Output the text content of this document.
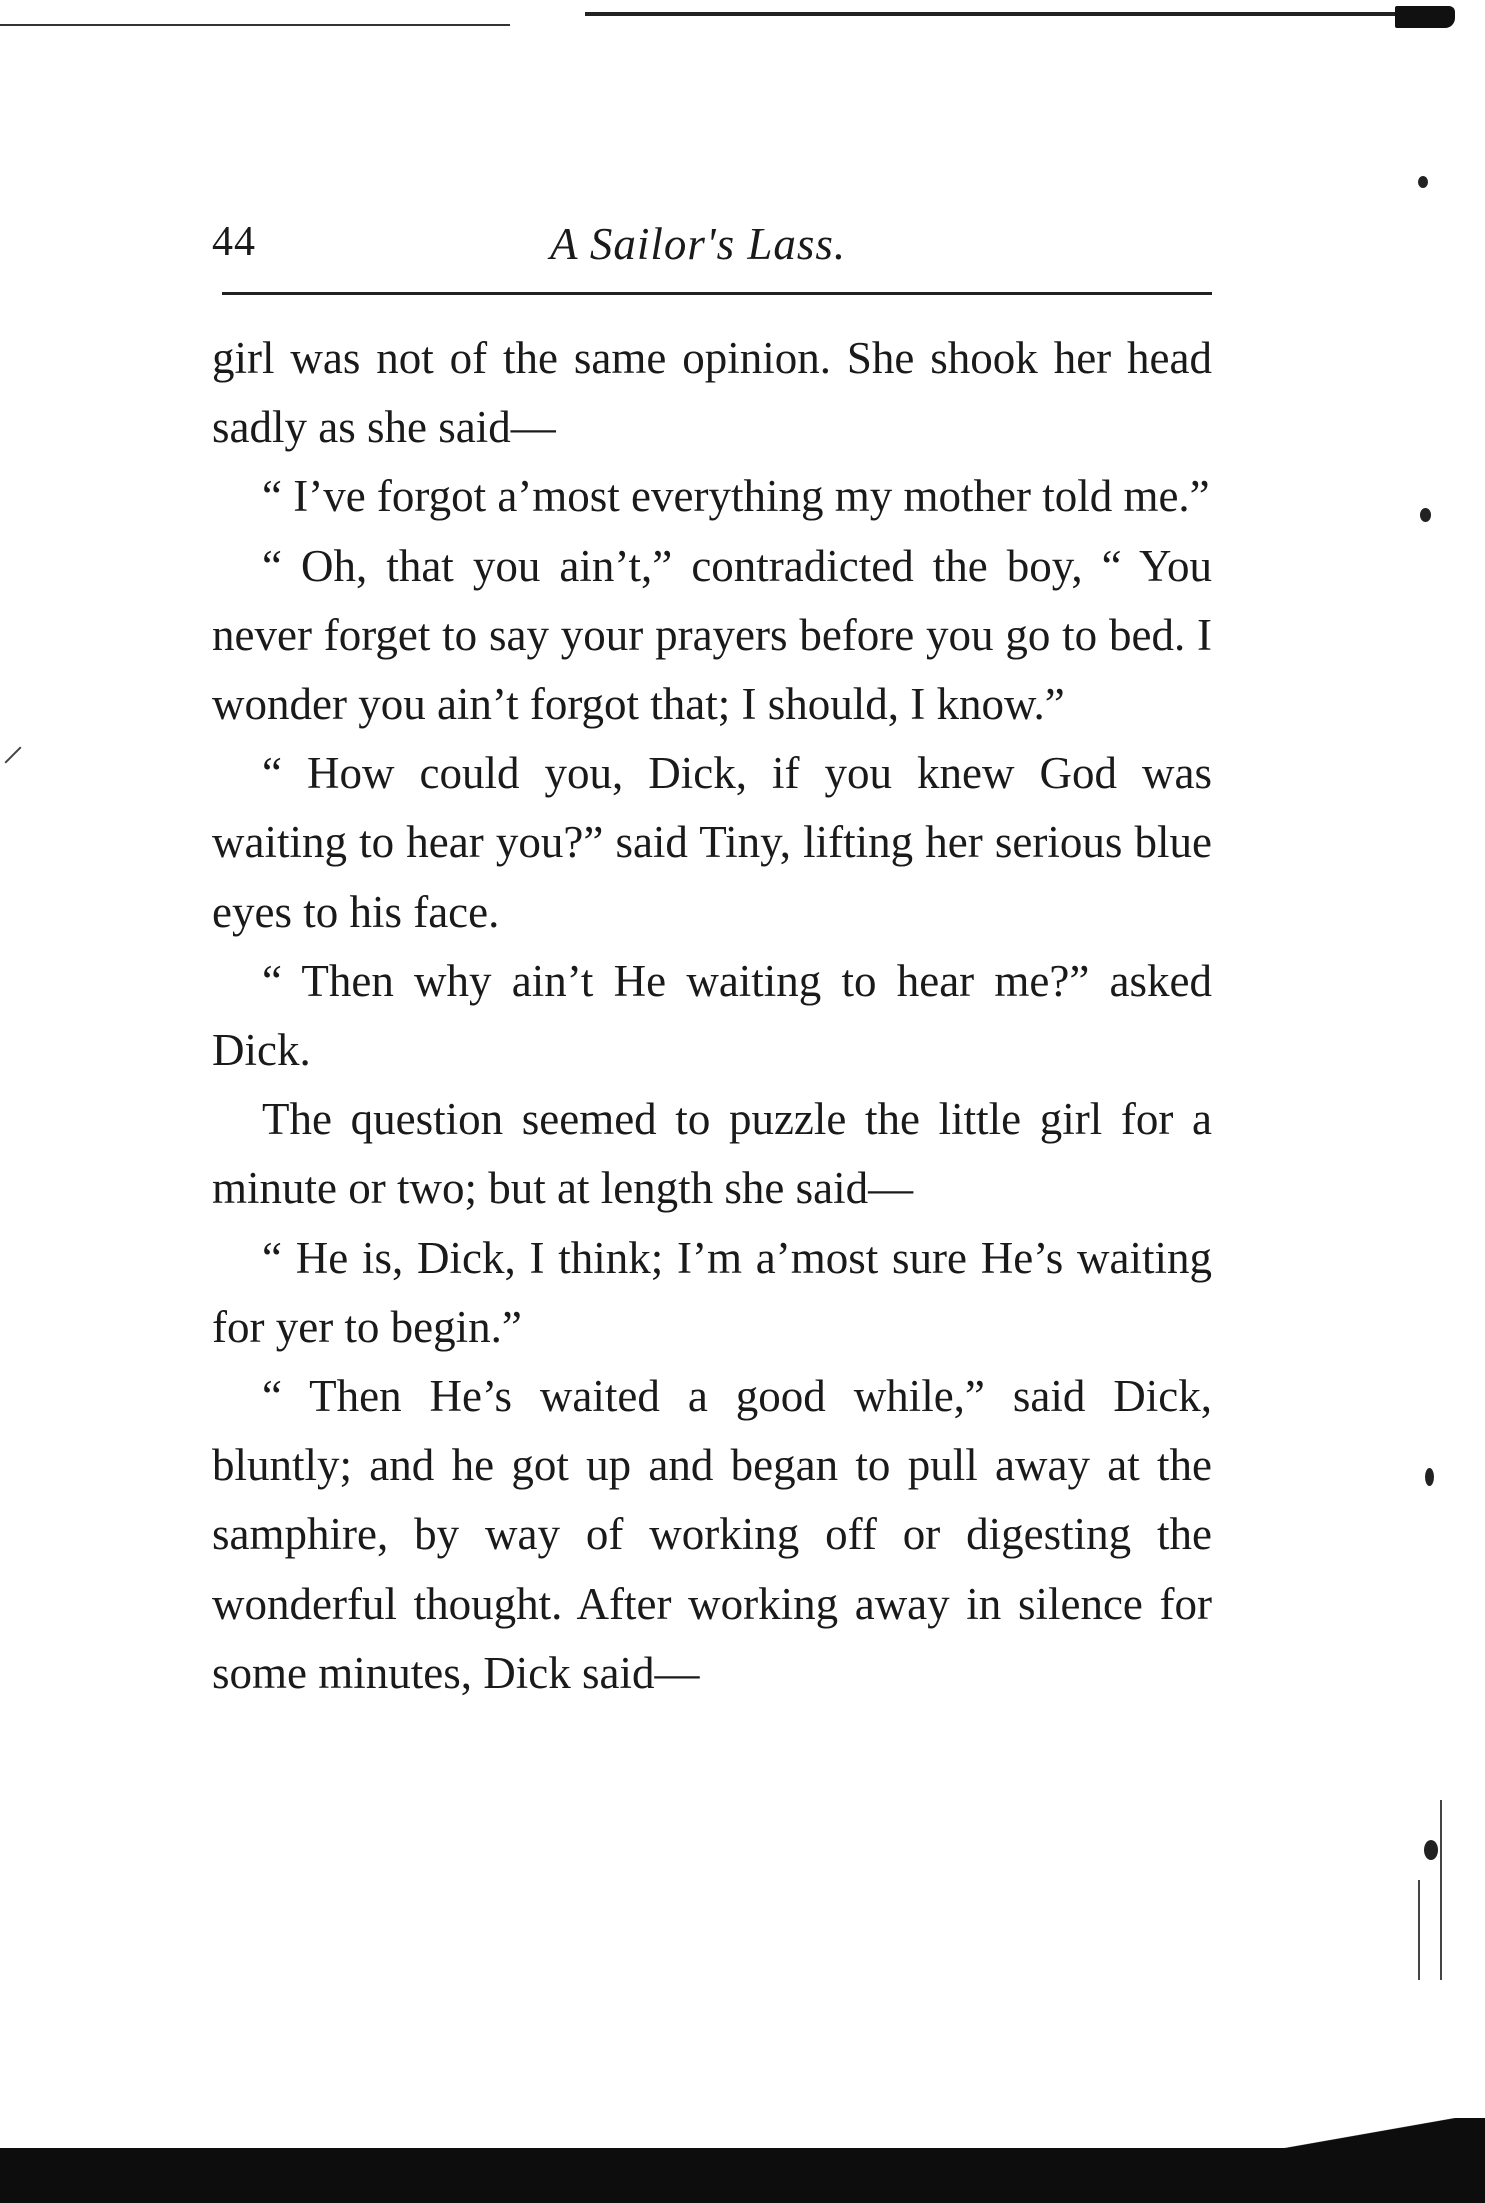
44	A Sailor's Lass.

girl was not of the same opinion. She shook her head sadly as she said—

“ I’ve forgot a’most everything my mother told me.”

“ Oh, that you ain’t,” contradicted the boy, “ You never forget to say your prayers before you go to bed. I wonder you ain’t forgot that; I should, I know.”

“ How could you, Dick, if you knew God was waiting to hear you?” said Tiny, lifting her serious blue eyes to his face.

“ Then why ain’t He waiting to hear me?” asked Dick.

The question seemed to puzzle the little girl for a minute or two; but at length she said—

“ He is, Dick, I think; I’m a’most sure He’s waiting for yer to begin.”

“ Then He’s waited a good while,” said Dick, bluntly; and he got up and began to pull away at the samphire, by way of working off or digesting the wonderful thought. After working away in silence for some minutes, Dick said—
